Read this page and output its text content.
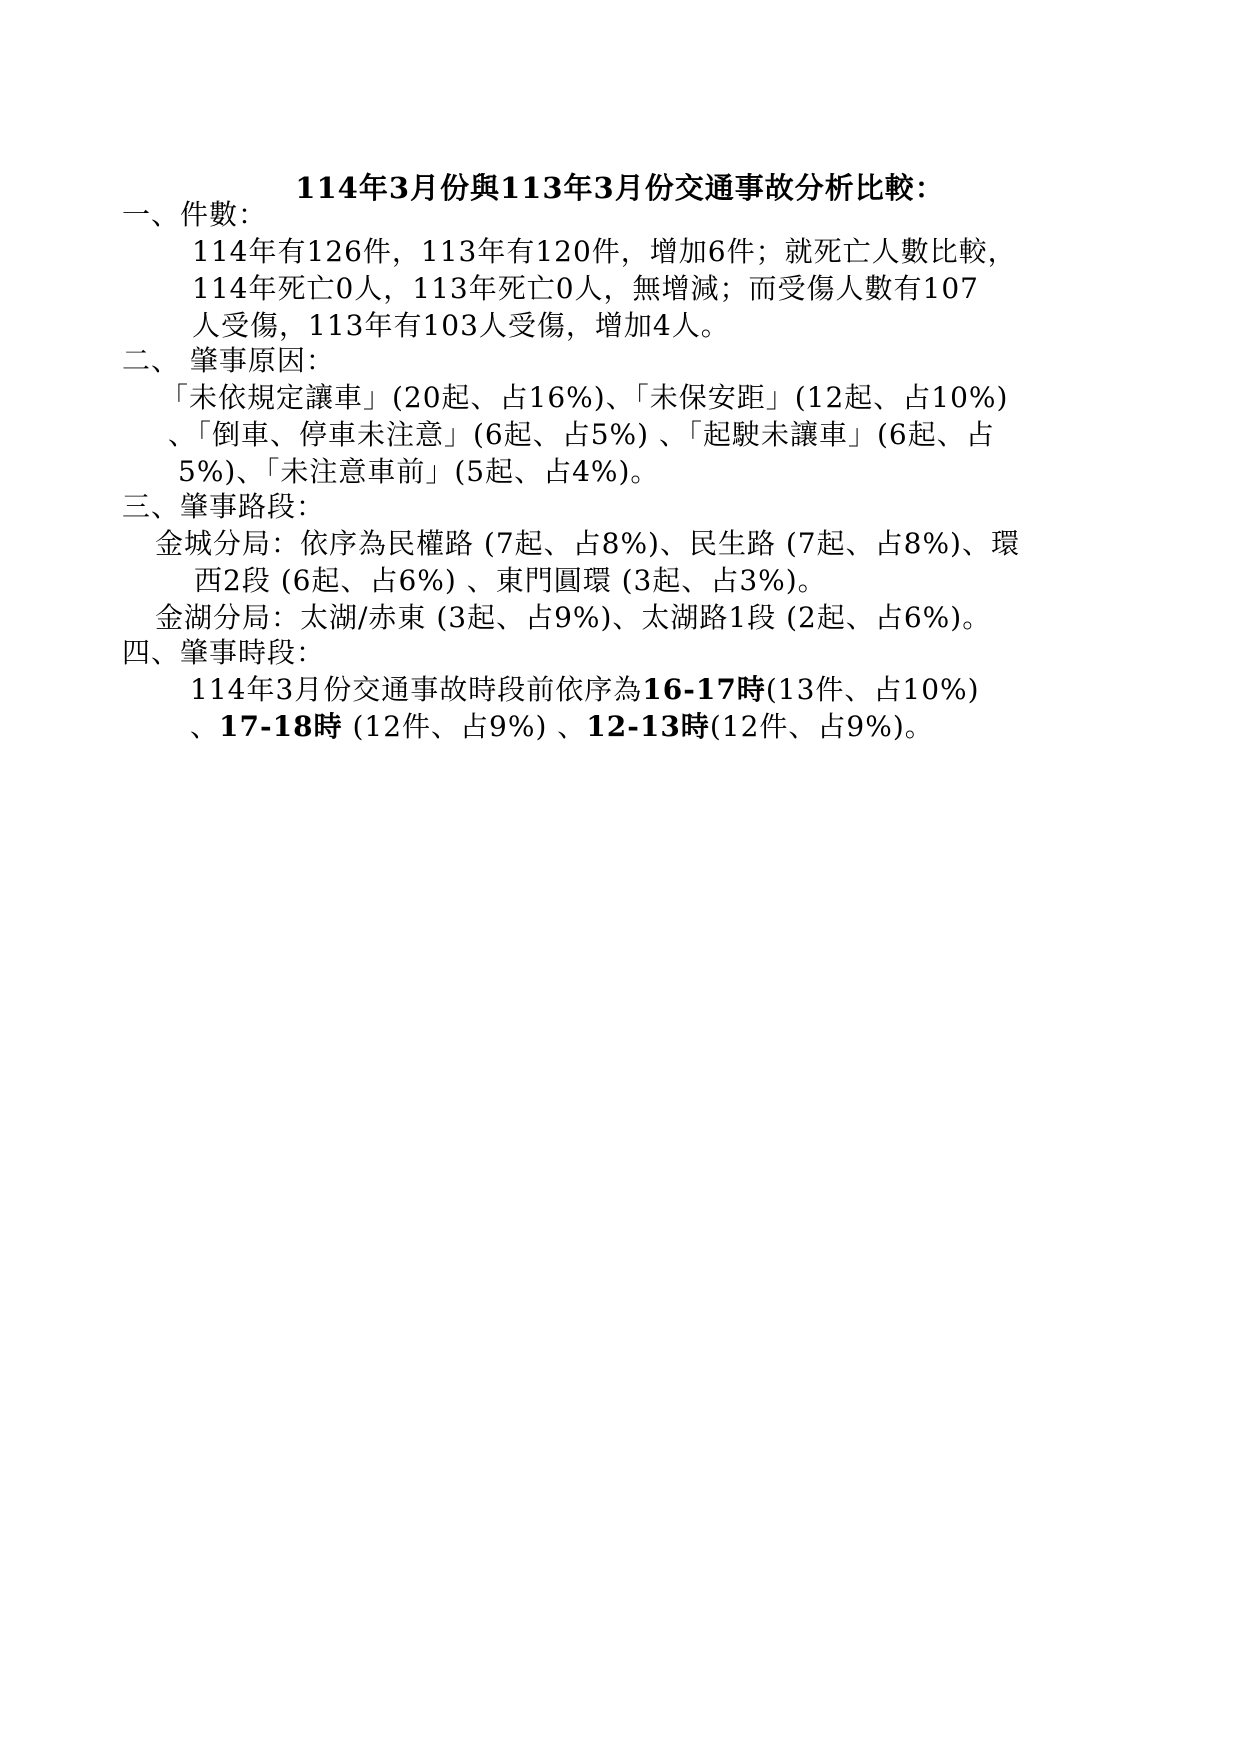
114年3月份與113年3月份交通事故分析比較：
一、件數：
114年有126件，113年有120件，增加6件；就死亡人數比較，
114年死亡0人，113年死亡0人，無增減；而受傷人數有107
人受傷，113年有103人受傷，增加4人。
二、 肇事原因：
「未依規定讓車」(20起、占16%)、「未保安距」(12起、占10%)
、「倒車、停車未注意」(6起、占5%) 、「起駛未讓車」(6起、占
5%)、「未注意車前」(5起、占4%)。
三、肇事路段：
金城分局：依序為民權路 (7起、占8%)、民生路 (7起、占8%)、環
西2段 (6起、占6%) 、東門圓環 (3起、占3%)。
金湖分局：太湖/赤東 (3起、占9%)、太湖路1段 (2起、占6%)。
四、肇事時段：
114年3月份交通事故時段前依序為16-17時(13件、占10%)
、17-18時 (12件、占9%) 、12-13時(12件、占9%)。
